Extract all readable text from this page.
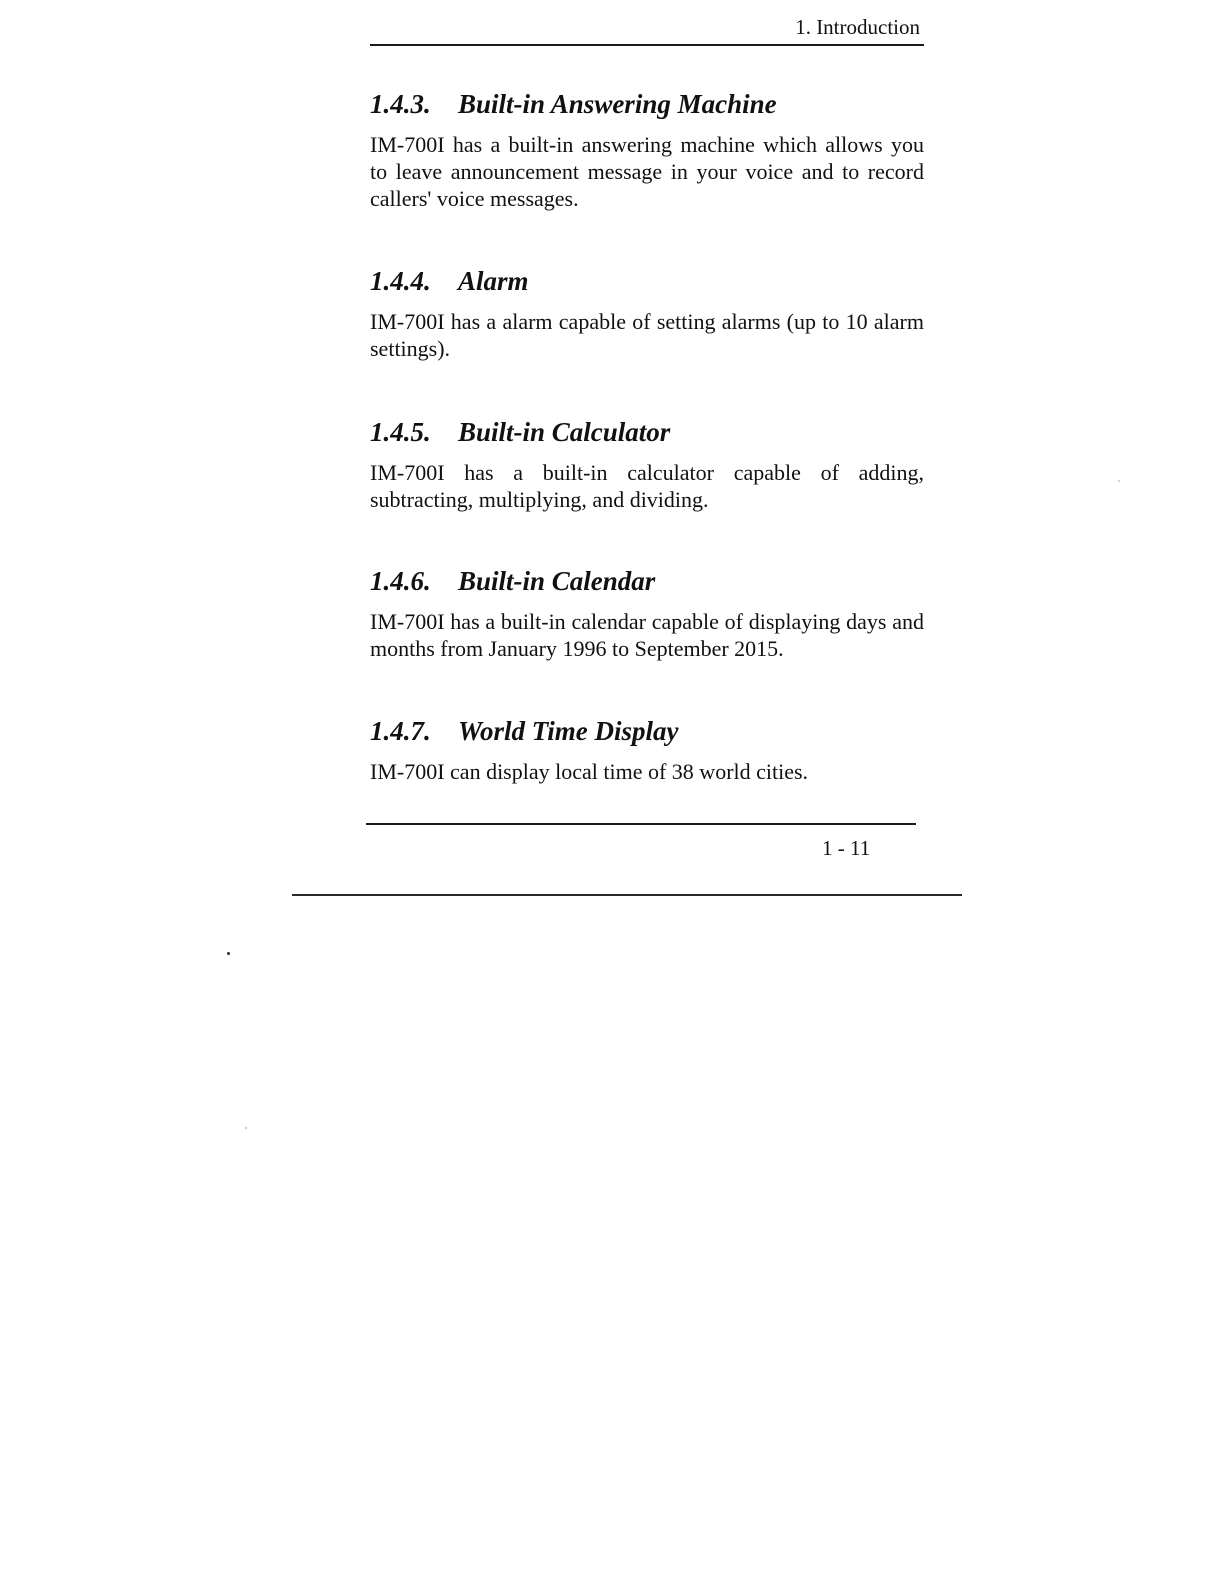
1. Introduction
1.4.3.	Built-in Answering Machine

IM-700I has a built-in answering machine which allows you to leave announcement message in your voice and to record callers' voice messages.

1.4.4.	Alarm

IM-700I has a alarm capable of setting alarms (up to 10 alarm settings).

1.4.5.	Built-in Calculator

IM-700I has a built-in calculator capable of adding, subtracting, multiplying, and dividing.

1.4.6.	Built-in Calendar

IM-700I has a built-in calendar capable of displaying days and months from January 1996 to September 2015.

1.4.7.	World Time Display

IM-700I can display local time of 38 world cities.

1 - 11
